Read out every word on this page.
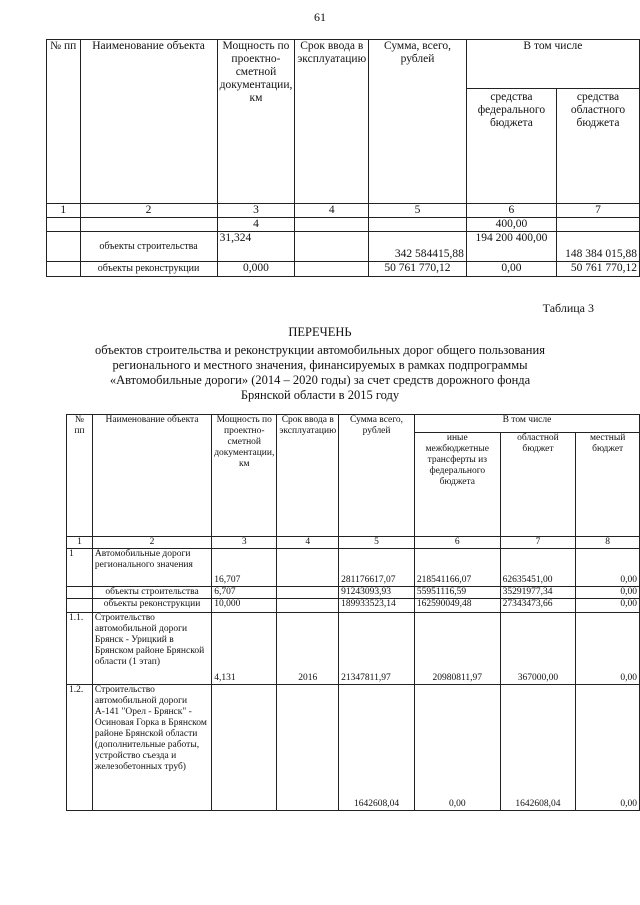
61
№ пп	Наименование объекта	Мощность по проектно-сметной документации, км	Срок ввода в эксплуатацию	Сумма, всего, рублей	В том числе	
					средства федерального бюджета	средства областного бюджета
1	2	3	4	5	6	7
		4			400,00	
	объекты строительства	31,324		342 584415,88	194 200 400,00	148 384 015,88
	объекты реконструкции	0,000		50 761 770,12	0,00	50 761 770,12
Таблица 3
ПЕРЕЧЕНЬ
объектов строительства и реконструкции автомобильных дорог общего пользования
регионального и местного значения, финансируемых в рамках подпрограммы
«Автомобильные дороги» (2014 – 2020 годы) за счет средств дорожного фонда
Брянской области в 2015 году
№ пп	Наименование объекта	Мощность по проектно-сметной документации, км	Срок ввода в эксплуатацию	Сумма всего, рублей	В том числе		
					иные межбюджетные трансферты из федерального бюджета	областной бюджет	местный бюджет
1	2	3	4	5	6	7	8
1	Автомобильные дороги регионального значения	16,707		281176617,07	218541166,07	62635451,00	0,00
	объекты строительства	6,707		91243093,93	55951116,59	35291977,34	0,00
	объекты реконструкции	10,000		189933523,14	162590049,48	27343473,66	0,00
1.1.	Строительство автомобильной дороги Брянск - Урицкий в Брянском районе Брянской области (1 этап)	4,131	2016	21347811,97	20980811,97	367000,00	0,00
1.2.	Строительство автомобильной дороги А-141 "Орел - Брянск" - Осиновая Горка в Брянском районе Брянской области (дополнительные работы, устройство съезда и железобетонных труб)			1642608,04	0,00	1642608,04	0,00
